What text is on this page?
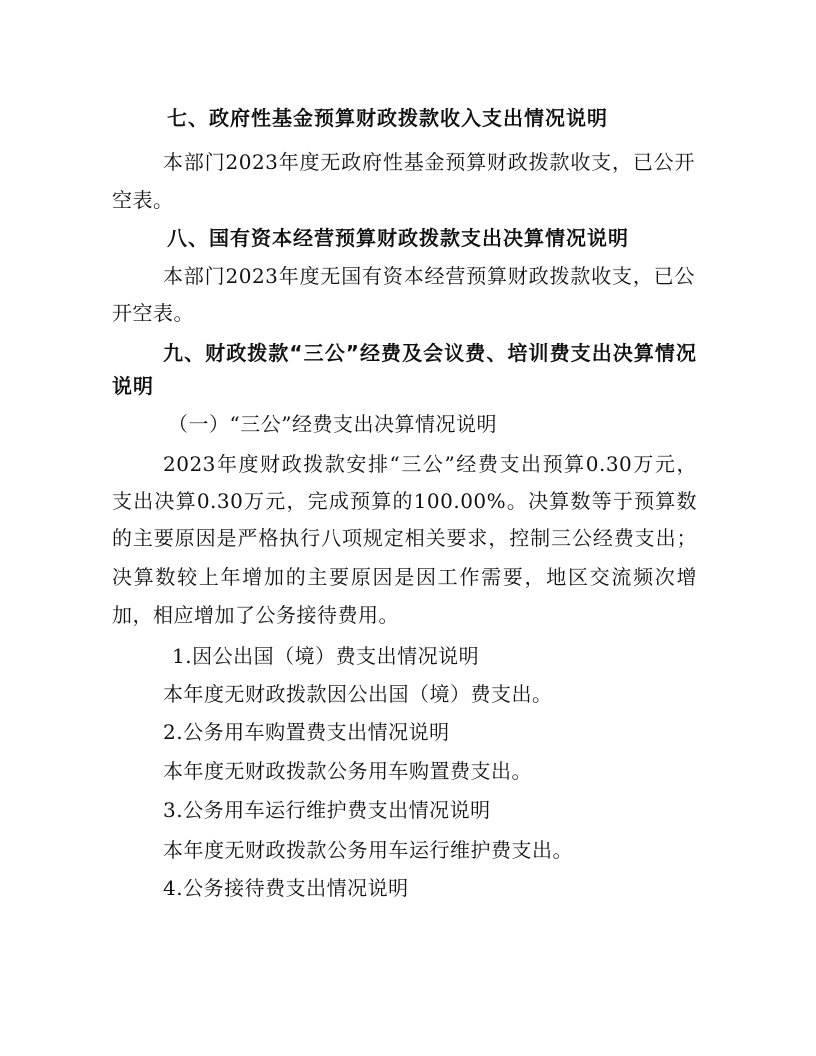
七、政府性基金预算财政拨款收入支出情况说明
本部门2023年度无政府性基金预算财政拨款收支，已公开
空表。
八、国有资本经营预算财政拨款支出决算情况说明
本部门2023年度无国有资本经营预算财政拨款收支，已公
开空表。
九、财政拨款“三公”经费及会议费、培训费支出决算情况
说明
（一）“三公”经费支出决算情况说明
2023年度财政拨款安排“三公”经费支出预算0.30万元，
支出决算0.30万元，完成预算的100.00%。决算数等于预算数
的主要原因是严格执行八项规定相关要求，控制三公经费支出；
决算数较上年增加的主要原因是因工作需要，地区交流频次增
加，相应增加了公务接待费用。
1.因公出国（境）费支出情况说明
本年度无财政拨款因公出国（境）费支出。
2.公务用车购置费支出情况说明
本年度无财政拨款公务用车购置费支出。
3.公务用车运行维护费支出情况说明
本年度无财政拨款公务用车运行维护费支出。
4.公务接待费支出情况说明
